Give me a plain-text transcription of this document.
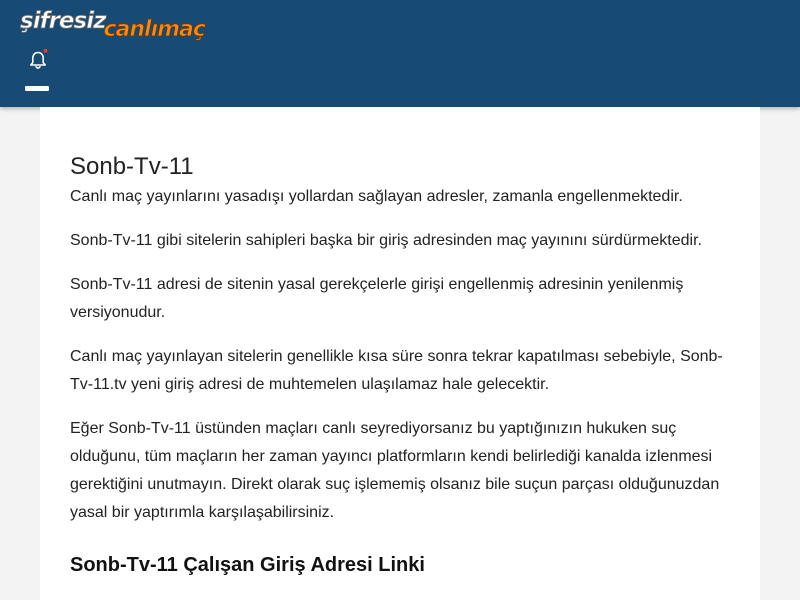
şifresiz
canlı maç
Sonb-Tv-11

Canlı maç yayınlarını yasadışı yollardan sağlayan adresler, zamanla engellenmektedir.

Sonb-Tv-11 gibi sitelerin sahipleri başka bir giriş adresinden maç yayınını sürdürmektedir.

Sonb-Tv-11 adresi de sitenin yasal gerekçelerle girişi engellenmiş adresinin yenilenmiş versiyonudur.

Canlı maç yayınlayan sitelerin genellikle kısa süre sonra tekrar kapatılması sebebiyle, Sonb-Tv-11.tv yeni giriş adresi de muhtemelen ulaşılamaz hale gelecektir.

Eğer Sonb-Tv-11 üstünden maçları canlı seyrediyorsanız bu yaptığınızın hukuken suç olduğunu, tüm maçların her zaman yayıncı platformların kendi belirlediği kanalda izlenmesi gerektiğini unutmayın. Direkt olarak suç işlememiş olsanız bile suçun parçası olduğunuzdan yasal bir yaptırımla karşılaşabilirsiniz.

Sonb-Tv-11 Çalışan Giriş Adresi Linki
